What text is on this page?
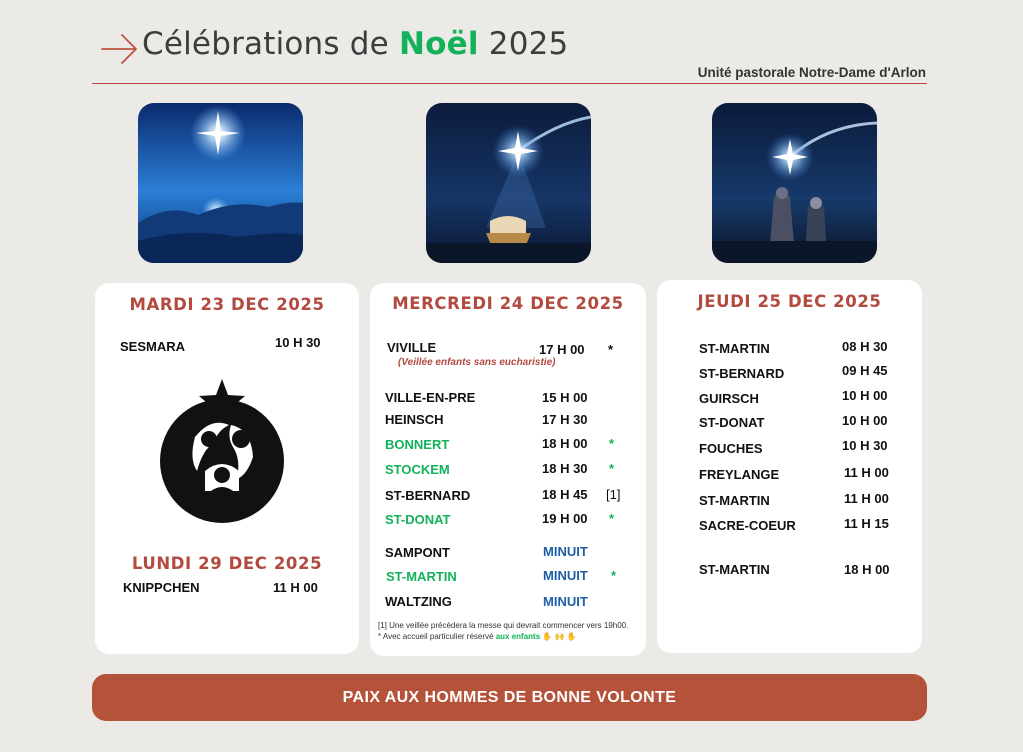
Célébrations de Noël 2025
Unité pastorale Notre-Dame d'Arlon
MARDI 23 DEC 2025
SESMARA	10 H 30
LUNDI 29 DEC 2025
KNIPPCHEN	11 H 00
MERCREDI 24 DEC 2025
VIVILLE	17 H 00 *
(Veillée enfants sans eucharistie)
VILLE-EN-PRE	15 H 00
HEINSCH	17 H 30
BONNERT	18 H 00 *
STOCKEM	18 H 30 *
ST-BERNARD	18 H 45 [1]
ST-DONAT	19 H 00 *
SAMPONT	MINUIT
ST-MARTIN	MINUIT *
WALTZING	MINUIT
[1] Une veillée précèdera la messe qui devrait commencer vers 19h00.
* Avec accueil particulier réservé aux enfants ✋ 🙌 ✋
JEUDI 25 DEC 2025
ST-MARTIN	08 H 30
ST-BERNARD	09 H 45
GUIRSCH	10 H 00
ST-DONAT	10 H 00
FOUCHES	10 H 30
FREYLANGE	11 H 00
ST-MARTIN	11 H 00
SACRE-COEUR	11 H 15
ST-MARTIN	18 H 00
PAIX AUX HOMMES DE BONNE VOLONTE
